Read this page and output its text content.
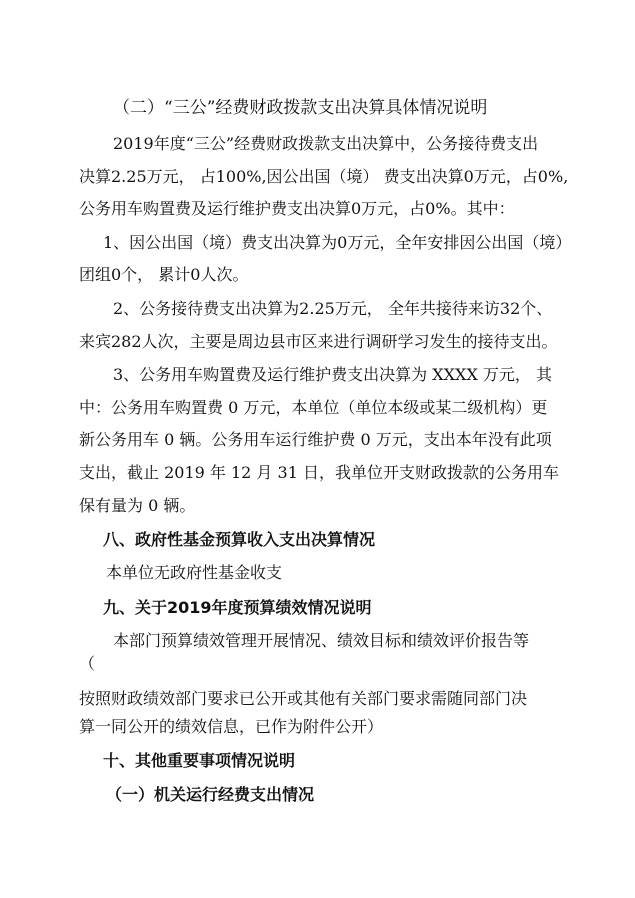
（二）“三公”经费财政拨款支出决算具体情况说明
2019年度“三公”经费财政拨款支出决算中，公务接待费支出
决算2.25万元， 占100%,因公出国（境） 费支出决算0万元，占0%,
公务用车购置费及运行维护费支出决算0万元，占0%。其中：
1、因公出国（境）费支出决算为0万元，全年安排因公出国（境）
团组0个， 累计0人次。
2、公务接待费支出决算为2.25万元， 全年共接待来访32个、
来宾282人次，主要是周边县市区来进行调研学习发生的接待支出。
3、公务用车购置费及运行维护费支出决算为 XXXX 万元， 其
中：公务用车购置费 0 万元，本单位（单位本级或某二级机构）更
新公务用车 0 辆。公务用车运行维护费 0 万元，支出本年没有此项
支出，截止 2019 年 12 月 31 日，我单位开支财政拨款的公务用车
保有量为 0 辆。
八、政府性基金预算收入支出决算情况
本单位无政府性基金收支
九、关于2019年度预算绩效情况说明
本部门预算绩效管理开展情况、绩效目标和绩效评价报告等
（
按照财政绩效部门要求已公开或其他有关部门要求需随同部门决
算一同公开的绩效信息，已作为附件公开）
十、其他重要事项情况说明
（一）机关运行经费支出情况
